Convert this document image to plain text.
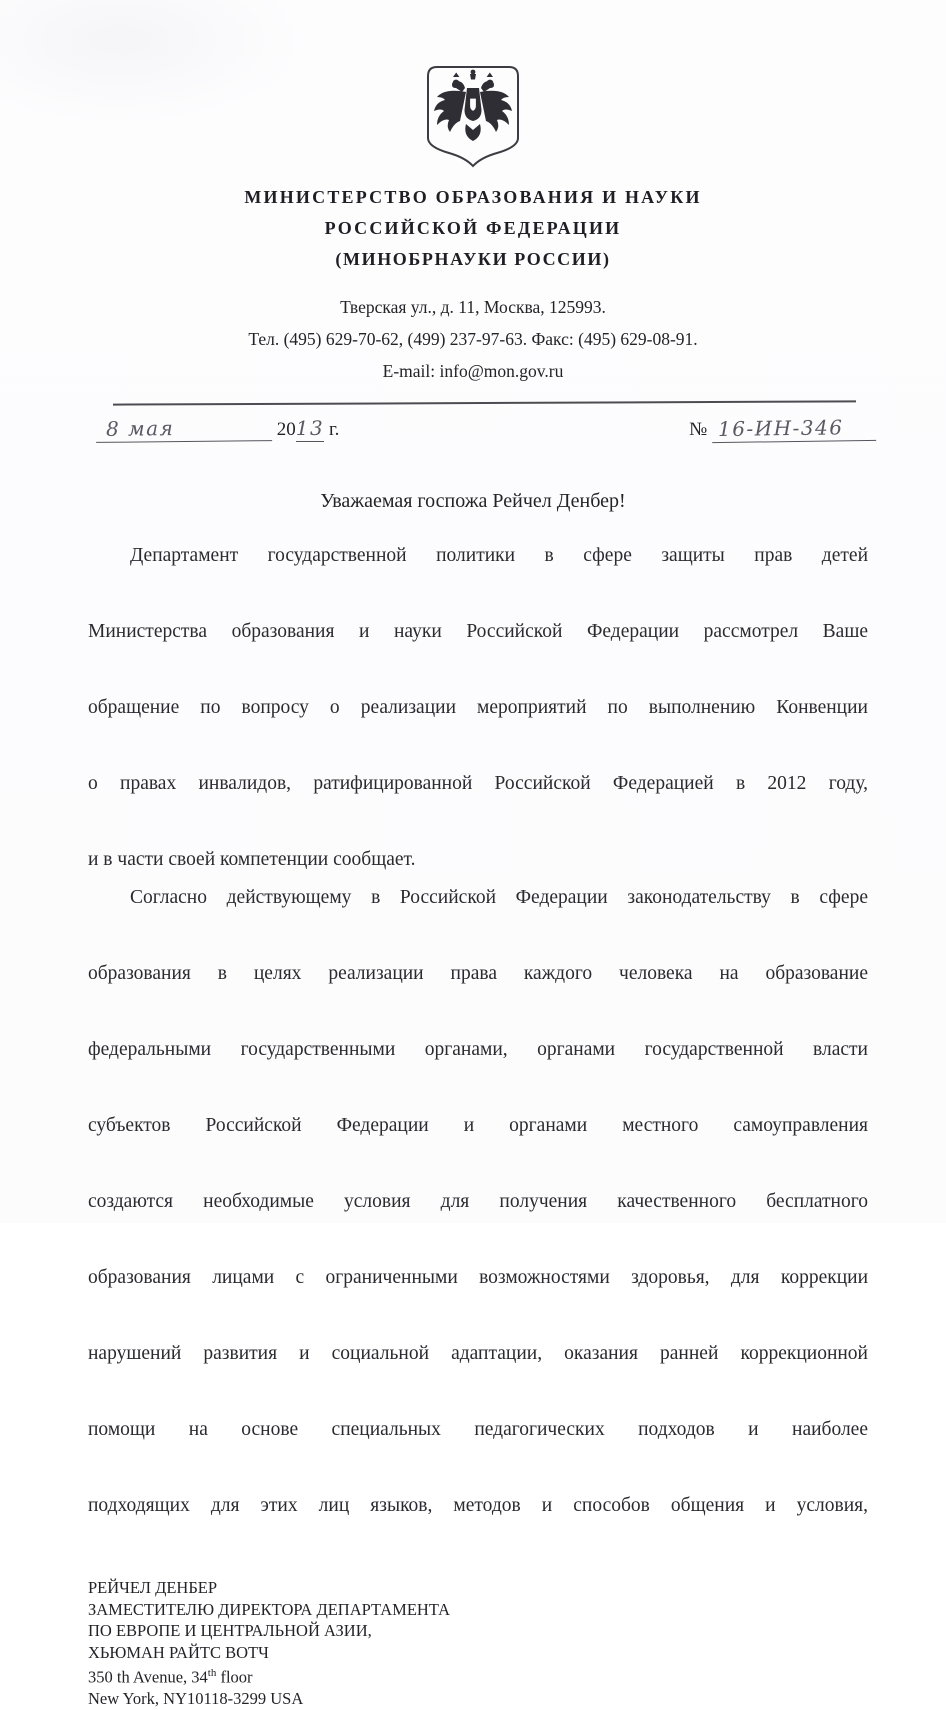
МИНИСТЕРСТВО ОБРАЗОВАНИЯ И НАУКИ
РОССИЙСКОЙ ФЕДЕРАЦИИ
(МИНОБРНАУКИ РОССИИ)
Тверская ул., д. 11, Москва, 125993.
Тел. (495) 629-70-62, (499) 237-97-63. Факс: (495) 629-08-91.
E-mail: info@mon.gov.ru
8 мая	2013 г.	№ 16-ИН-346
Уважаемая госпожа Рейчел Денбер!
Департамент государственной политики в сфере защиты прав детей
Министерства образования и науки Российской Федерации рассмотрел Ваше
обращение по вопросу о реализации мероприятий по выполнению Конвенции
о правах инвалидов, ратифицированной Российской Федерацией в 2012 году,
и в части своей компетенции сообщает.
Согласно действующему в Российской Федерации законодательству в сфере
образования в целях реализации права каждого человека на образование
федеральными государственными органами, органами государственной власти
субъектов Российской Федерации и органами местного самоуправления
создаются необходимые условия для получения качественного бесплатного
образования лицами с ограниченными возможностями здоровья, для коррекции
нарушений развития и социальной адаптации, оказания ранней коррекционной
помощи на основе специальных педагогических подходов и наиболее
подходящих для этих лиц языков, методов и способов общения и условия,
РЕЙЧЕЛ ДЕНБЕР
ЗАМЕСТИТЕЛЮ ДИРЕКТОРА ДЕПАРТАМЕНТА
ПО ЕВРОПЕ И ЦЕНТРАЛЬНОЙ АЗИИ,
ХЬЮМАН РАЙТС ВОТЧ
350 th Avenue, 34th floor
New York, NY10118-3299 USA
